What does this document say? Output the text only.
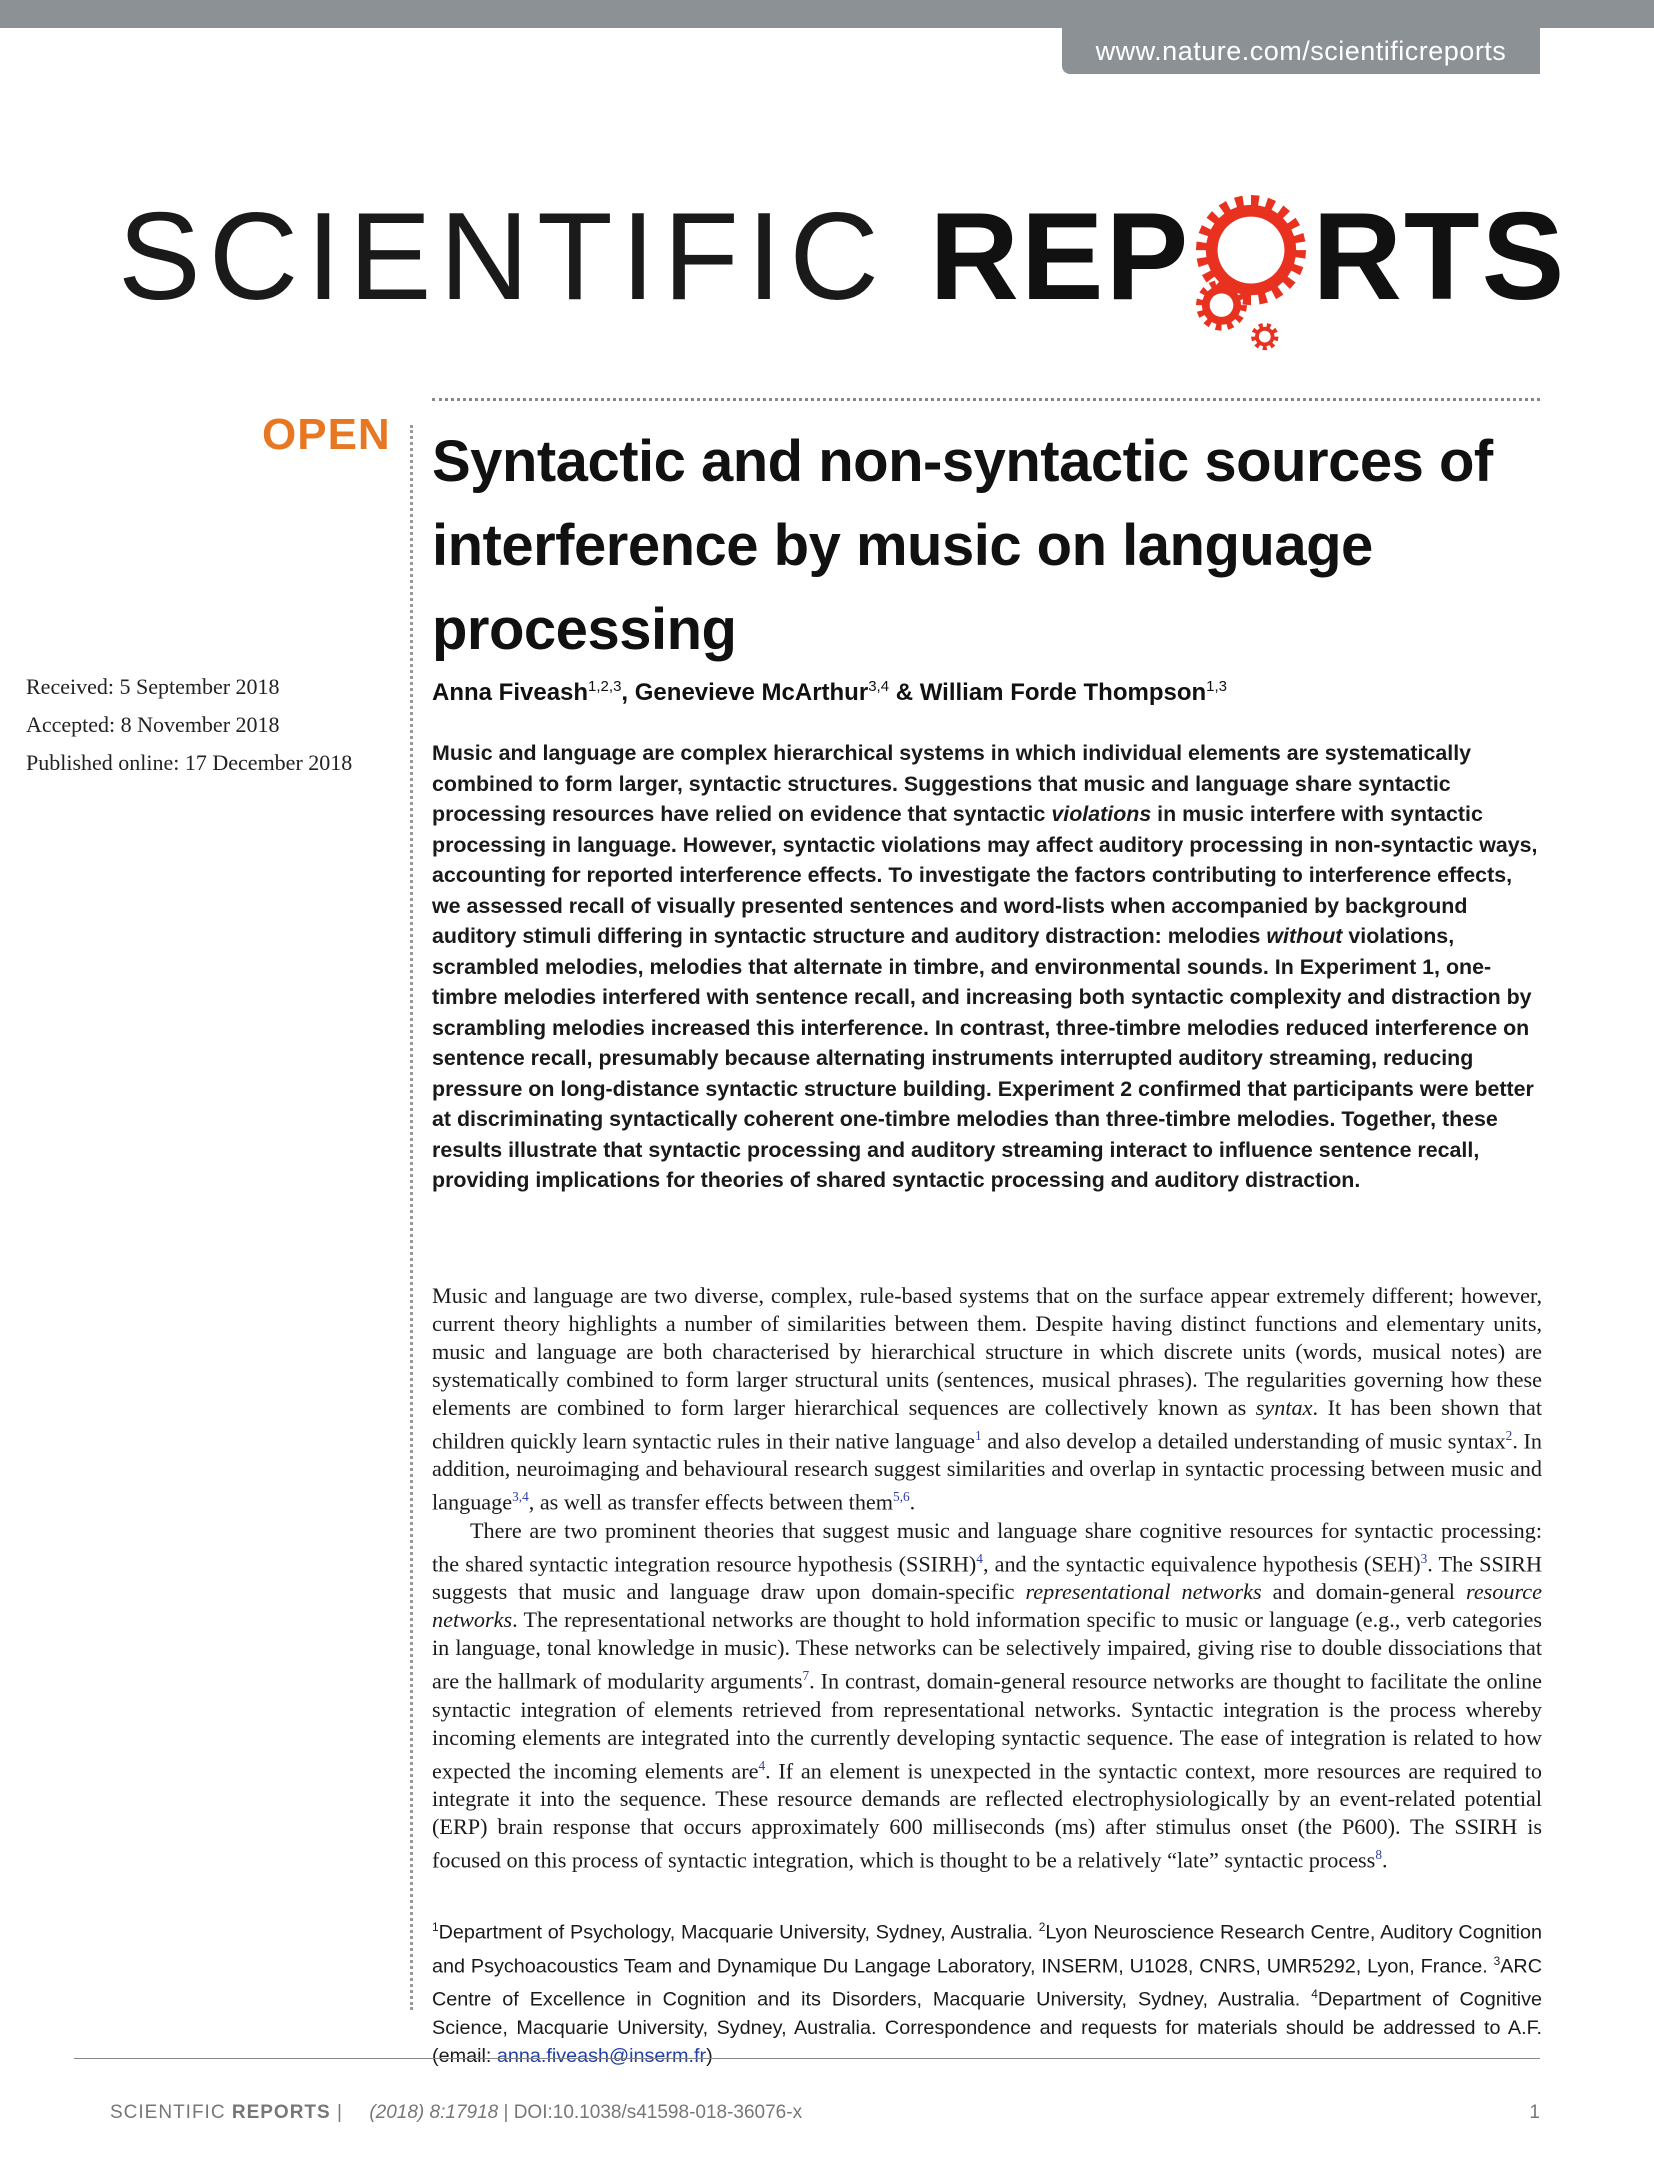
www.nature.com/scientificreports
SCIENTIFIC REP RTS
OPEN Syntactic and non-syntactic sources of interference by music on language processing
Received: 5 September 2018
Accepted: 8 November 2018
Published online: 17 December 2018
Anna Fiveash$^{1,2,3}$, Genevieve McArthur$^{3,4}$ & William Forde Thompson$^{1,3}$

Music and language are complex hierarchical systems in which individual elements are systematically combined to form larger, syntactic structures. Suggestions that music and language share syntactic processing resources have relied on evidence that syntactic violations in music interfere with syntactic processing in language. However, syntactic violations may affect auditory processing in non-syntactic ways, accounting for reported interference effects. To investigate the factors contributing to interference effects, we assessed recall of visually presented sentences and word-lists when accompanied by background auditory stimuli differing in syntactic structure and auditory distraction: melodies without violations, scrambled melodies, melodies that alternate in timbre, and environmental sounds. In Experiment 1, one-timbre melodies interfered with sentence recall, and increasing both syntactic complexity and distraction by scrambling melodies increased this interference. In contrast, three-timbre melodies reduced interference on sentence recall, presumably because alternating instruments interrupted auditory streaming, reducing pressure on long-distance syntactic structure building. Experiment 2 confirmed that participants were better at discriminating syntactically coherent one-timbre melodies than three-timbre melodies. Together, these results illustrate that syntactic processing and auditory streaming interact to influence sentence recall, providing implications for theories of shared syntactic processing and auditory distraction.

Music and language are two diverse, complex, rule-based systems that on the surface appear extremely different; however, current theory highlights a number of similarities between them. Despite having distinct functions and elementary units, music and language are both characterised by hierarchical structure in which discrete units (words, musical notes) are systematically combined to form larger structural units (sentences, musical phrases). The regularities governing how these elements are combined to form larger hierarchical sequences are collectively known as syntax. It has been shown that children quickly learn syntactic rules in their native language$^1$ and also develop a detailed understanding of music syntax$^2$. In addition, neuroimaging and behavioural research suggest similarities and overlap in syntactic processing between music and language$^{3,4}$, as well as transfer effects between them$^{5,6}$.

There are two prominent theories that suggest music and language share cognitive resources for syntactic processing: the shared syntactic integration resource hypothesis (SSIRH)$^4$, and the syntactic equivalence hypothesis (SEH)$^3$. The SSIRH suggests that music and language draw upon domain-specific representational networks and domain-general resource networks. The representational networks are thought to hold information specific to music or language (e.g., verb categories in language, tonal knowledge in music). These networks can be selectively impaired, giving rise to double dissociations that are the hallmark of modularity arguments$^7$. In contrast, domain-general resource networks are thought to facilitate the online syntactic integration of elements retrieved from representational networks. Syntactic integration is the process whereby incoming elements are integrated into the currently developing syntactic sequence. The ease of integration is related to how expected the incoming elements are$^4$. If an element is unexpected in the syntactic context, more resources are required to integrate it into the sequence. These resource demands are reflected electrophysiologically by an event-related potential (ERP) brain response that occurs approximately 600 milliseconds (ms) after stimulus onset (the P600). The SSIRH is focused on this process of syntactic integration, which is thought to be a relatively “late” syntactic process$^8$.

$^1$Department of Psychology, Macquarie University, Sydney, Australia. $^2$Lyon Neuroscience Research Centre, Auditory Cognition and Psychoacoustics Team and Dynamique Du Langage Laboratory, INSERM, U1028, CNRS, UMR5292, Lyon, France. $^3$ARC Centre of Excellence in Cognition and its Disorders, Macquarie University, Sydney, Australia. $^4$Department of Cognitive Science, Macquarie University, Sydney, Australia. Correspondence and requests for materials should be addressed to A.F. (email: anna.fiveash@inserm.fr)
SCIENTIFIC REPORTS | (2018) 8:17918 | DOI:10.1038/s41598-018-36076-x	1
